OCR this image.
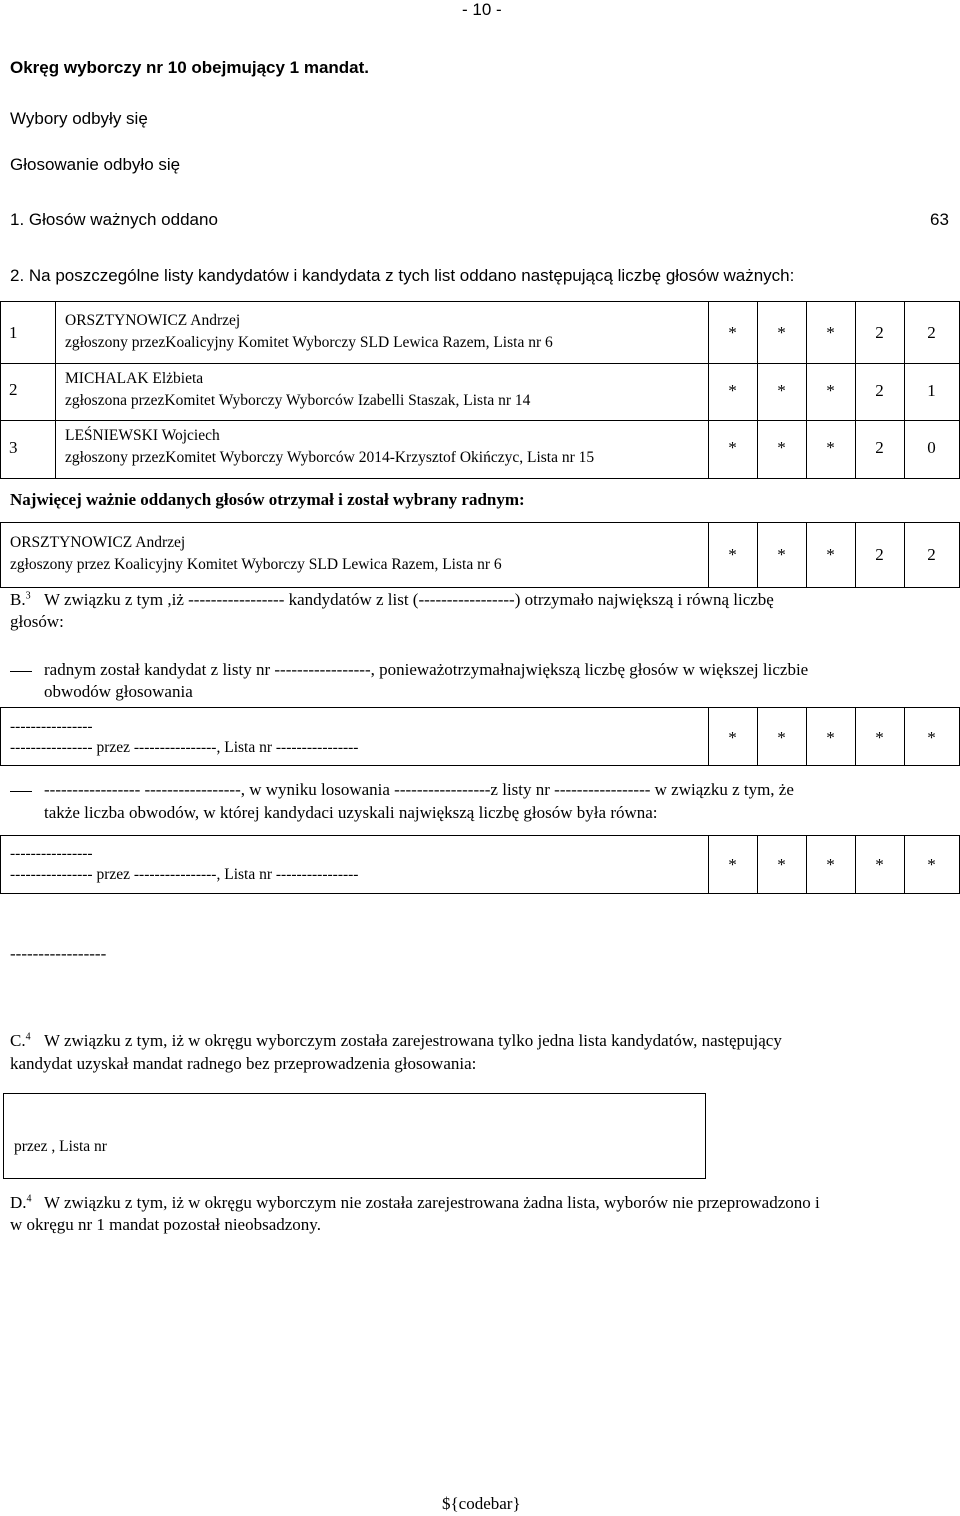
- 10 -
Okręg wyborczy nr 10 obejmujący 1 mandat.
Wybory odbyły się
Głosowanie odbyło się
1. Głosów ważnych oddano	63
2. Na poszczególne listy kandydatów i kandydata z tych list oddano następującą liczbę głosów ważnych:
1
ORSZTYNOWICZ Andrzej
zgłoszony przezKoalicyjny Komitet Wyborczy SLD Lewica Razem, Lista nr 6
*	*	*	2	2
2
MICHALAK Elżbieta
zgłoszona przezKomitet Wyborczy Wyborców Izabelli Staszak, Lista nr 14
*	*	*	2	1
3
LEŚNIEWSKI Wojciech
zgłoszony przezKomitet Wyborczy Wyborców 2014-Krzysztof Okińczyc, Lista nr 15
*	*	*	2	0
Najwięcej ważnie oddanych głosów otrzymał i został wybrany radnym:
ORSZTYNOWICZ Andrzej
zgłoszony przez Koalicyjny Komitet Wyborczy SLD Lewica Razem, Lista nr 6
*	*	*	2	2
B.$^3$ W związku z tym ,iż ----------------- kandydatów z list (-----------------) otrzymało największą i równą liczbę
głosów:
radnym został kandydat z listy nr -----------------, ponieważotrzymałnajwiększą liczbę głosów w większej liczbie
obwodów głosowania
----------------
---------------- przez ----------------, Lista nr ----------------
*	*	*	*	*
----------------- -----------------, w wyniku losowania -----------------z listy nr ----------------- w związku z tym, że
także liczba obwodów, w której kandydaci uzyskali największą liczbę głosów była równa:
----------------
---------------- przez ----------------, Lista nr ----------------
*	*	*	*	*
-----------------
C.$^4$ W związku z tym, iż w okręgu wyborczym została zarejestrowana tylko jedna lista kandydatów, następujący
kandydat uzyskał mandat radnego bez przeprowadzenia głosowania:
przez , Lista nr
D.$^4$ W związku z tym, iż w okręgu wyborczym nie została zarejestrowana żadna lista, wyborów nie przeprowadzono i
w okręgu nr 1 mandat pozostał nieobsadzony.
${codebar}
